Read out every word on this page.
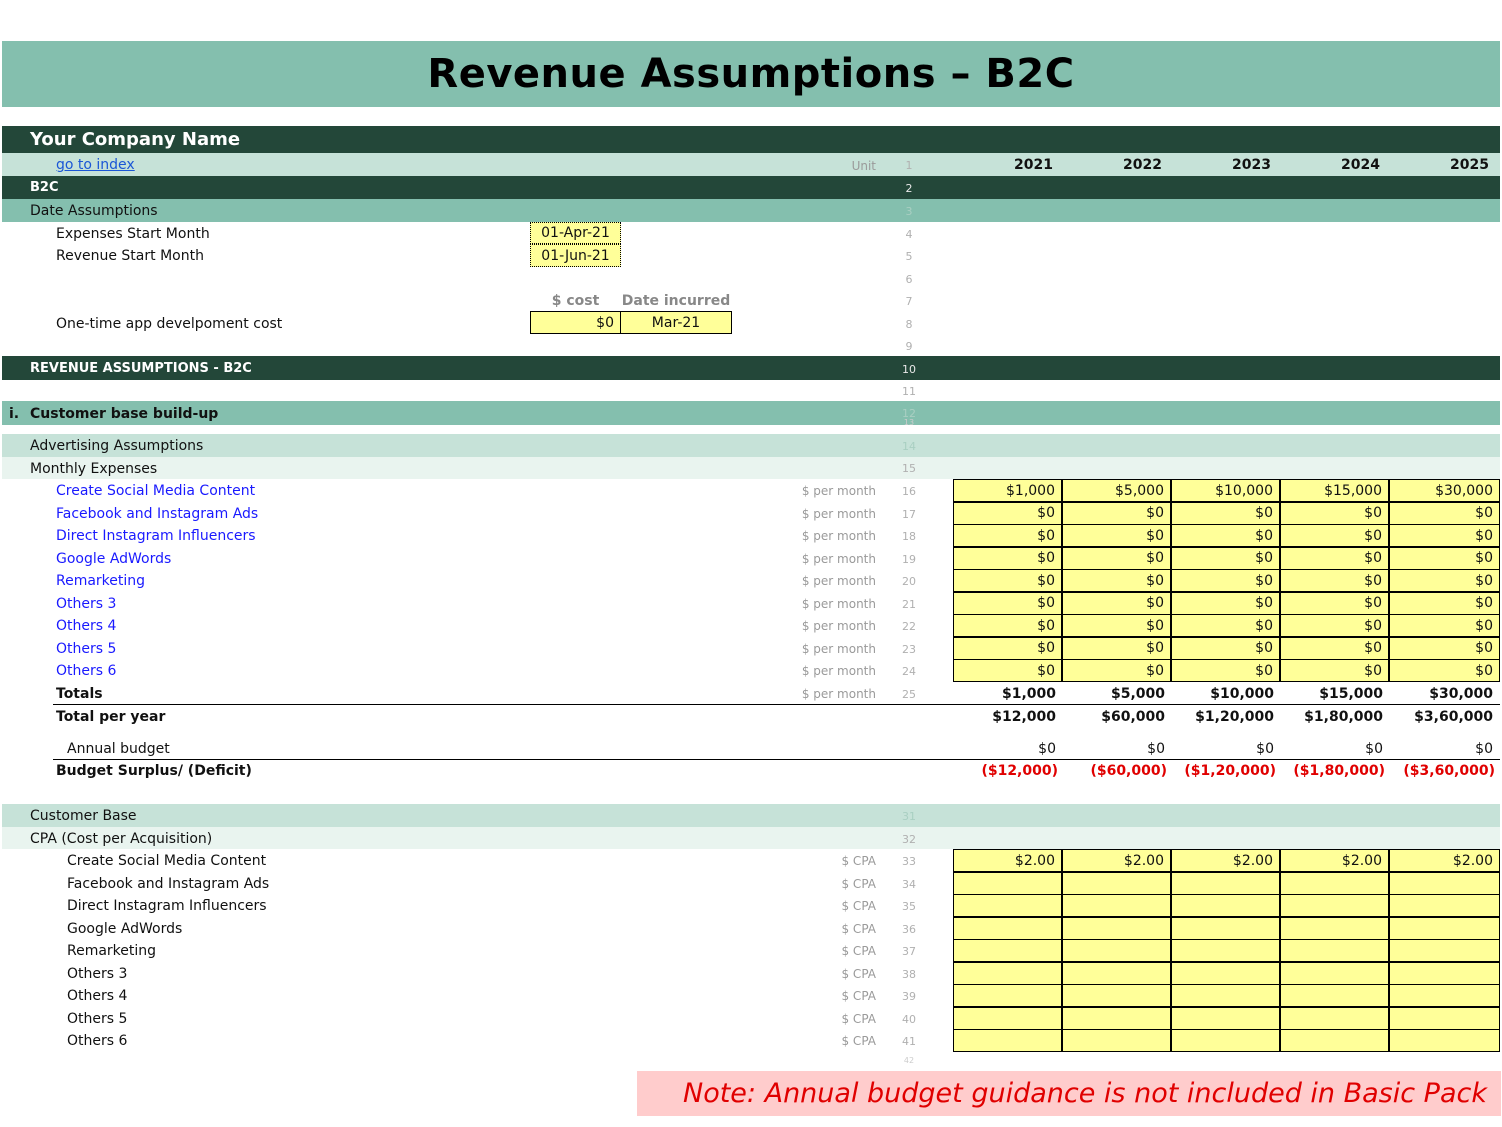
Revenue Assumptions – B2C
Your Company Name
go to index	Unit	1	2021	2022	2023	2024	2025
B2C	2
Date Assumptions	3
Expenses Start Month	01-Apr-21	4
Revenue Start Month	01-Jun-21	5
6
$ cost	Date incurred	7
One-time app develpoment cost	$0	Mar-21	8
9
REVENUE ASSUMPTIONS - B2C	10
11
i. Customer base build-up	12
13
Advertising Assumptions	14
Monthly Expenses	15
Create Social Media Content	$ per month	16	$1,000	$5,000	$10,000	$15,000	$30,000
Facebook and Instagram Ads	$ per month	17	$0	$0	$0	$0	$0
Direct Instagram Influencers	$ per month	18	$0	$0	$0	$0	$0
Google AdWords	$ per month	19	$0	$0	$0	$0	$0
Remarketing	$ per month	20	$0	$0	$0	$0	$0
Others 3	$ per month	21	$0	$0	$0	$0	$0
Others 4	$ per month	22	$0	$0	$0	$0	$0
Others 5	$ per month	23	$0	$0	$0	$0	$0
Others 6	$ per month	24	$0	$0	$0	$0	$0
Totals	$ per month	25	$1,000	$5,000	$10,000	$15,000	$30,000
Total per year	$12,000	$60,000	$1,20,000	$1,80,000	$3,60,000
Annual budget	$0	$0	$0	$0	$0
Budget Surplus/ (Deficit)	($12,000)	($60,000)	($1,20,000)	($1,80,000)	($3,60,000)
Customer Base	31
CPA (Cost per Acquisition)	32
Create Social Media Content	$ CPA	33	$2.00	$2.00	$2.00	$2.00	$2.00
Facebook and Instagram Ads	$ CPA	34
Direct Instagram Influencers	$ CPA	35
Google AdWords	$ CPA	36
Remarketing	$ CPA	37
Others 3	$ CPA	38
Others 4	$ CPA	39
Others 5	$ CPA	40
Others 6	$ CPA	41
42
Note: Annual budget guidance is not included in Basic Pack
